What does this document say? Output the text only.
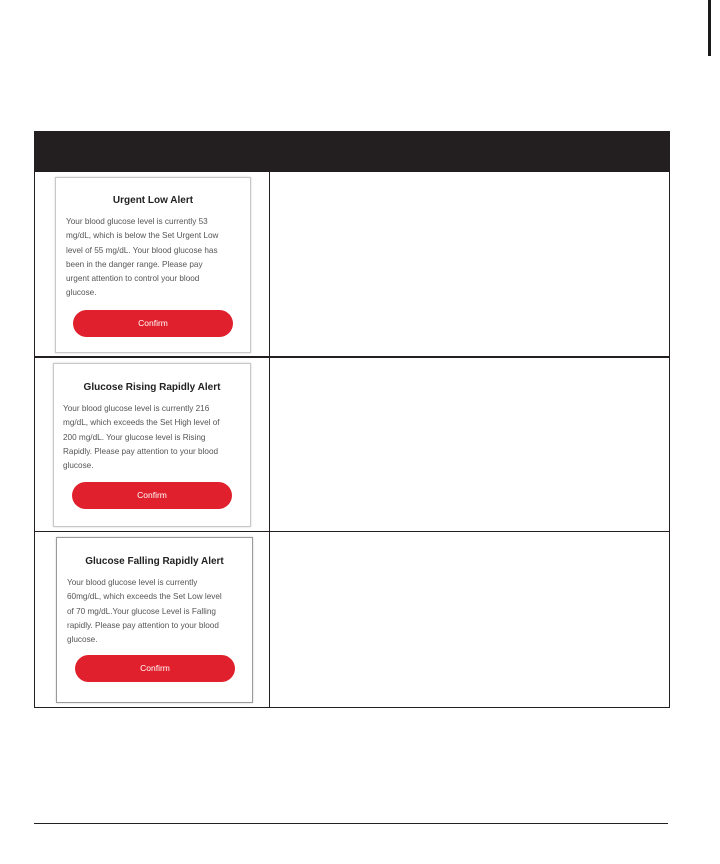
Urgent Low Alert
Your blood glucose level is currently 53
mg/dL, which is below the Set Urgent Low
level of 55 mg/dL. Your blood glucose has
been in the danger range. Please pay
urgent attention to control your blood
glucose.
Confirm
Glucose Rising Rapidly Alert
Your blood glucose level is currently 216
mg/dL, which exceeds the Set High level of
200 mg/dL. Your glucose level is Rising
Rapidly. Please pay attention to your blood
glucose.
Confirm
Glucose Falling Rapidly Alert
Your blood glucose level is currently
60mg/dL, which exceeds the Set Low level
of 70 mg/dL.Your glucose Level is Falling
rapidly. Please pay attention to your blood
glucose.
Confirm
